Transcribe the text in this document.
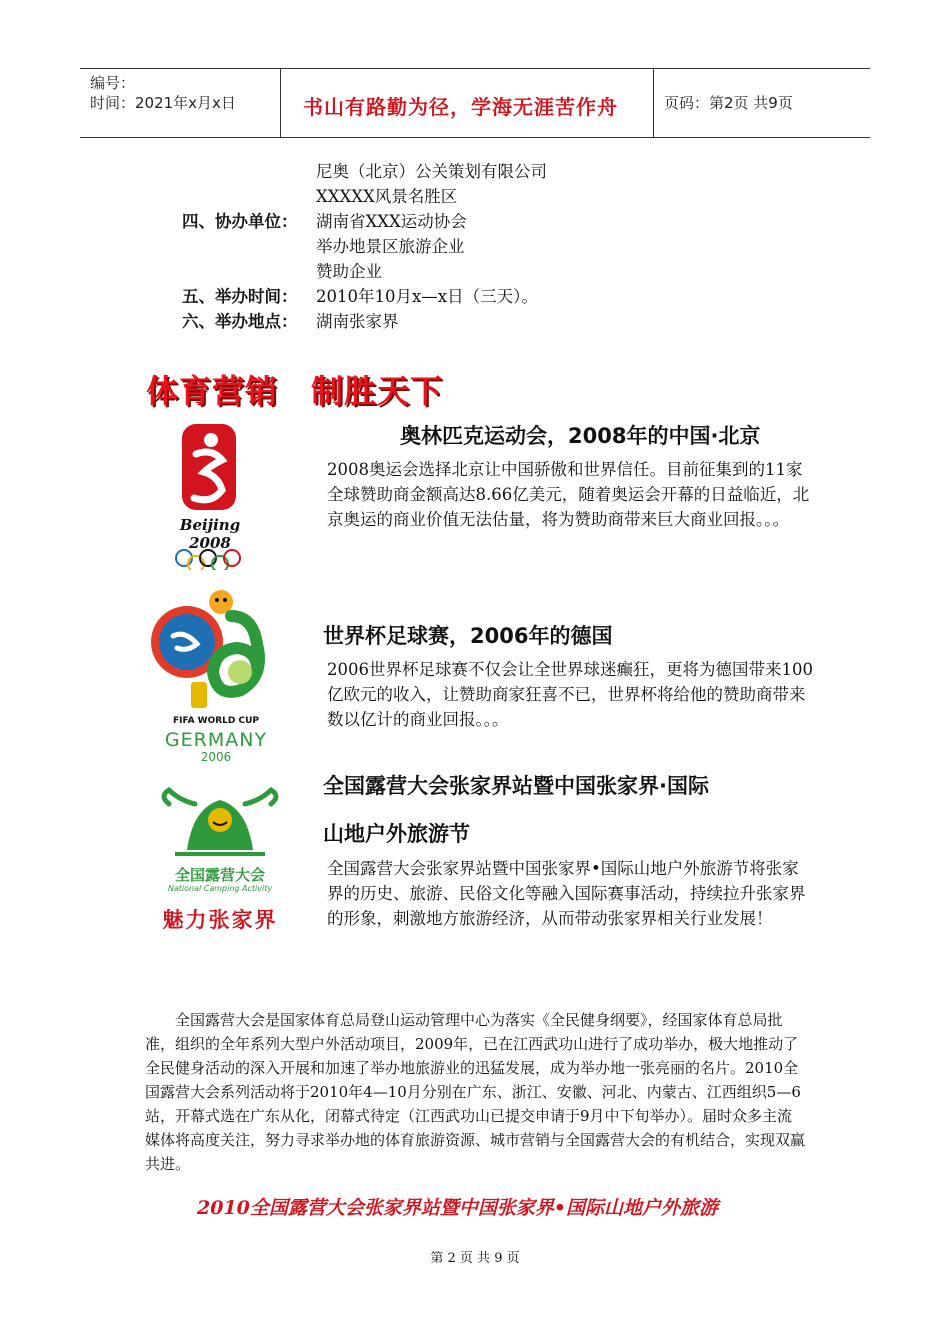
编号：
时间：2021年x月x日	书山有路勤为径，学海无涯苦作舟	页码：第2页 共9页
尼奥（北京）公关策划有限公司
XXXXX风景名胜区
四、协办单位： 湖南省XXX运动协会
举办地景区旅游企业
赞助企业
五、举办时间： 2010年10月x—x日（三天）。
六、举办地点： 湖南张家界
体育营销　制胜天下
Beijing 2008
奥林匹克运动会，2008年的中国·北京
2008奥运会选择北京让中国骄傲和世界信任。目前征集到的11家全球赞助商金额高达8.66亿美元，随着奥运会开幕的日益临近，北京奥运的商业价值无法估量，将为赞助商带来巨大商业回报。。。
FIFA WORLD CUP
GERMANY
2006
世界杯足球赛，2006年的德国
2006世界杯足球赛不仅会让全世界球迷癫狂，更将为德国带来100亿欧元的收入，让赞助商家狂喜不已，世界杯将给他的赞助商带来数以亿计的商业回报。。。
全国露营大会
National Camping Activity
魅力张家界
全国露营大会张家界站暨中国张家界·国际
山地户外旅游节
全国露营大会张家界站暨中国张家界•国际山地户外旅游节将张家界的历史、旅游、民俗文化等融入国际赛事活动，持续拉升张家界的形象，刺激地方旅游经济，从而带动张家界相关行业发展！
全国露营大会是国家体育总局登山运动管理中心为落实《全民健身纲要》，经国家体育总局批准，组织的全年系列大型户外活动项目，2009年，已在江西武功山进行了成功举办，极大地推动了全民健身活动的深入开展和加速了举办地旅游业的迅猛发展，成为举办地一张亮丽的名片。2010全国露营大会系列活动将于2010年4—10月分别在广东、浙江、安徽、河北、内蒙古、江西组织5—6站，开幕式选在广东从化，闭幕式待定（江西武功山已提交申请于9月中下旬举办）。届时众多主流媒体将高度关注，努力寻求举办地的体育旅游资源、城市营销与全国露营大会的有机结合，实现双赢共进。
2010全国露营大会张家界站暨中国张家界•国际山地户外旅游
第 2 页 共 9 页
